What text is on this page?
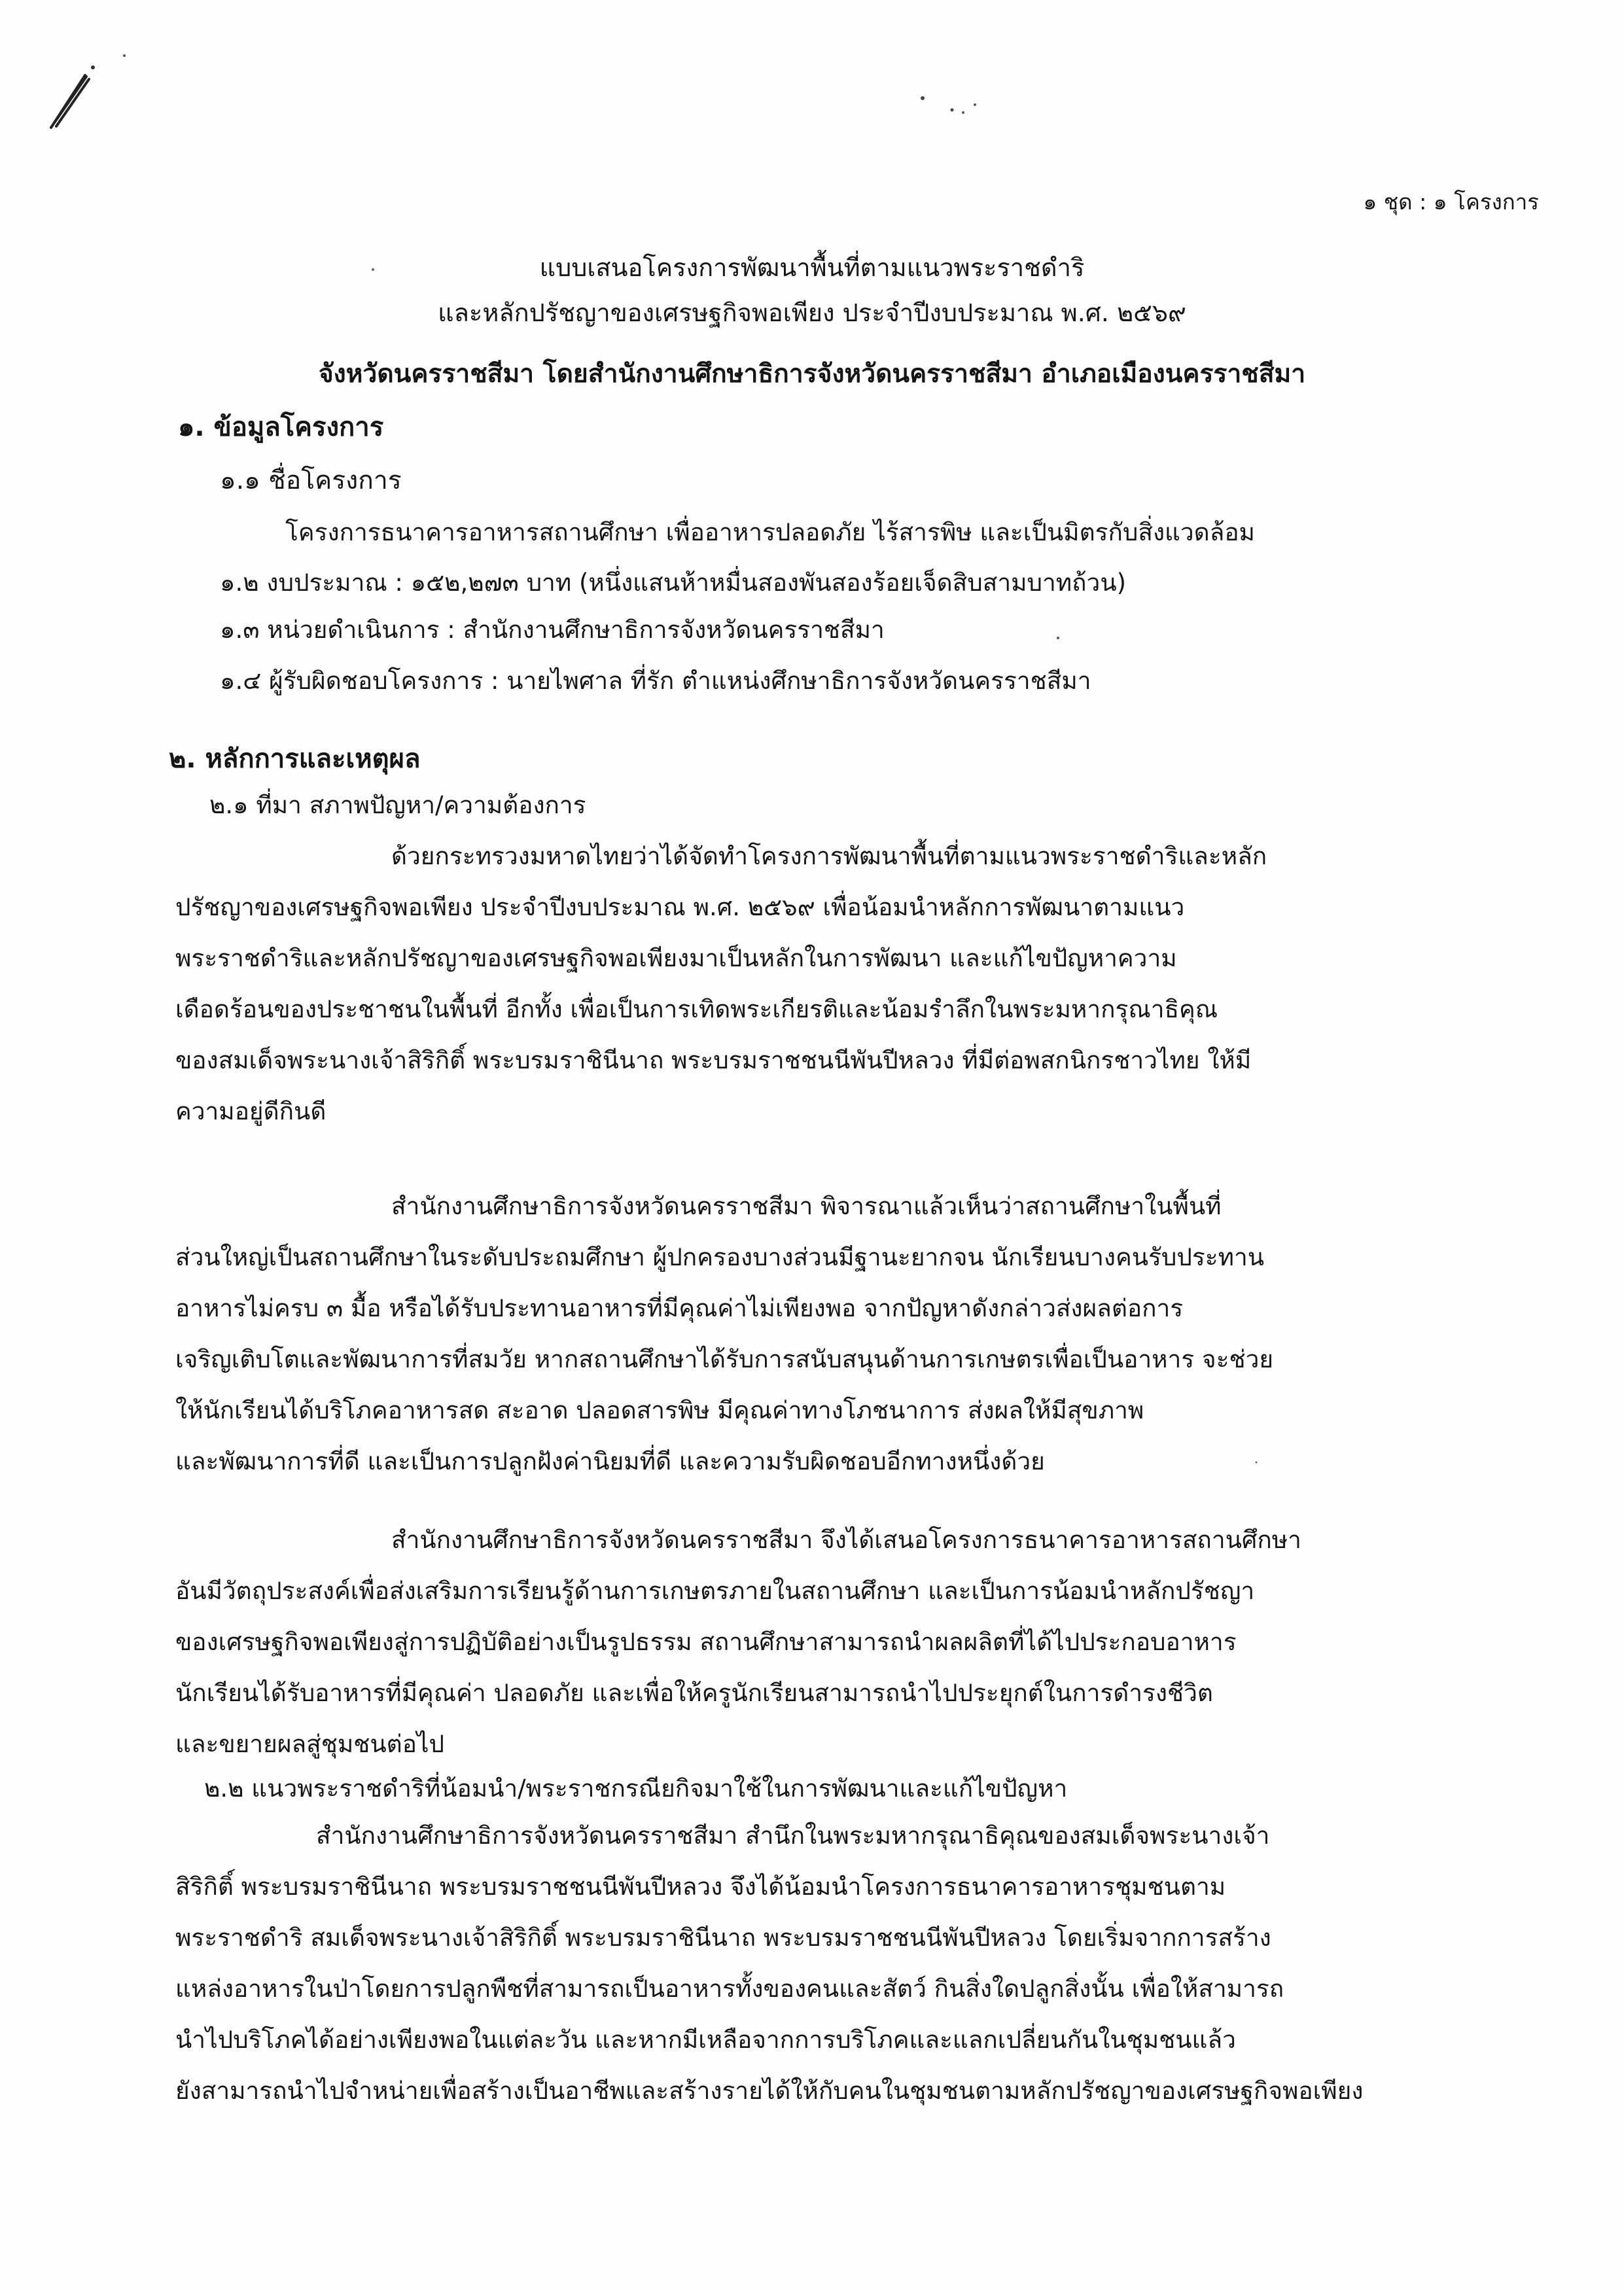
๑ ชุด : ๑ โครงการ
แบบเสนอโครงการพัฒนาพื้นที่ตามแนวพระราชดำริ
และหลักปรัชญาของเศรษฐกิจพอเพียง ประจำปีงบประมาณ พ.ศ. ๒๕๖๙
จังหวัดนครราชสีมา โดยสำนักงานศึกษาธิการจังหวัดนครราชสีมา อำเภอเมืองนครราชสีมา
๑. ข้อมูลโครงการ
๑.๑ ชื่อโครงการ
โครงการธนาคารอาหารสถานศึกษา เพื่ออาหารปลอดภัย ไร้สารพิษ และเป็นมิตรกับสิ่งแวดล้อม
๑.๒ งบประมาณ : ๑๕๒,๒๗๓ บาท (หนึ่งแสนห้าหมื่นสองพันสองร้อยเจ็ดสิบสามบาทถ้วน)
๑.๓ หน่วยดำเนินการ : สำนักงานศึกษาธิการจังหวัดนครราชสีมา
๑.๔ ผู้รับผิดชอบโครงการ : นายไพศาล ที่รัก ตำแหน่งศึกษาธิการจังหวัดนครราชสีมา
๒. หลักการและเหตุผล
๒.๑ ที่มา สภาพปัญหา/ความต้องการ
ด้วยกระทรวงมหาดไทยว่าได้จัดทำโครงการพัฒนาพื้นที่ตามแนวพระราชดำริและหลัก
ปรัชญาของเศรษฐกิจพอเพียง ประจำปีงบประมาณ พ.ศ. ๒๕๖๙ เพื่อน้อมนำหลักการพัฒนาตามแนว
พระราชดำริและหลักปรัชญาของเศรษฐกิจพอเพียงมาเป็นหลักในการพัฒนา และแก้ไขปัญหาความ
เดือดร้อนของประชาชนในพื้นที่ อีกทั้ง เพื่อเป็นการเทิดพระเกียรติและน้อมรำลึกในพระมหากรุณาธิคุณ
ของสมเด็จพระนางเจ้าสิริกิติ์ พระบรมราชินีนาถ พระบรมราชชนนีพันปีหลวง ที่มีต่อพสกนิกรชาวไทย ให้มี
ความอยู่ดีกินดี
สำนักงานศึกษาธิการจังหวัดนครราชสีมา พิจารณาแล้วเห็นว่าสถานศึกษาในพื้นที่
ส่วนใหญ่เป็นสถานศึกษาในระดับประถมศึกษา ผู้ปกครองบางส่วนมีฐานะยากจน นักเรียนบางคนรับประทาน
อาหารไม่ครบ ๓ มื้อ หรือได้รับประทานอาหารที่มีคุณค่าไม่เพียงพอ จากปัญหาดังกล่าวส่งผลต่อการ
เจริญเติบโตและพัฒนาการที่สมวัย หากสถานศึกษาได้รับการสนับสนุนด้านการเกษตรเพื่อเป็นอาหาร จะช่วย
ให้นักเรียนได้บริโภคอาหารสด สะอาด ปลอดสารพิษ มีคุณค่าทางโภชนาการ ส่งผลให้มีสุขภาพ
และพัฒนาการที่ดี และเป็นการปลูกฝังค่านิยมที่ดี และความรับผิดชอบอีกทางหนึ่งด้วย
สำนักงานศึกษาธิการจังหวัดนครราชสีมา จึงได้เสนอโครงการธนาคารอาหารสถานศึกษา
อันมีวัตถุประสงค์เพื่อส่งเสริมการเรียนรู้ด้านการเกษตรภายในสถานศึกษา และเป็นการน้อมนำหลักปรัชญา
ของเศรษฐกิจพอเพียงสู่การปฏิบัติอย่างเป็นรูปธรรม สถานศึกษาสามารถนำผลผลิตที่ได้ไปประกอบอาหาร
นักเรียนได้รับอาหารที่มีคุณค่า ปลอดภัย และเพื่อให้ครูนักเรียนสามารถนำไปประยุกต์ในการดำรงชีวิต
และขยายผลสู่ชุมชนต่อไป
๒.๒ แนวพระราชดำริที่น้อมนำ/พระราชกรณียกิจมาใช้ในการพัฒนาและแก้ไขปัญหา
สำนักงานศึกษาธิการจังหวัดนครราชสีมา สำนึกในพระมหากรุณาธิคุณของสมเด็จพระนางเจ้า
สิริกิติ์ พระบรมราชินีนาถ พระบรมราชชนนีพันปีหลวง จึงได้น้อมนำโครงการธนาคารอาหารชุมชนตาม
พระราชดำริ สมเด็จพระนางเจ้าสิริกิติ์ พระบรมราชินีนาถ พระบรมราชชนนีพันปีหลวง โดยเริ่มจากการสร้าง
แหล่งอาหารในป่าโดยการปลูกพืชที่สามารถเป็นอาหารทั้งของคนและสัตว์ กินสิ่งใดปลูกสิ่งนั้น เพื่อให้สามารถ
นำไปบริโภคได้อย่างเพียงพอในแต่ละวัน และหากมีเหลือจากการบริโภคและแลกเปลี่ยนกันในชุมชนแล้ว
ยังสามารถนำไปจำหน่ายเพื่อสร้างเป็นอาชีพและสร้างรายได้ให้กับคนในชุมชนตามหลักปรัชญาของเศรษฐกิจพอเพียง
